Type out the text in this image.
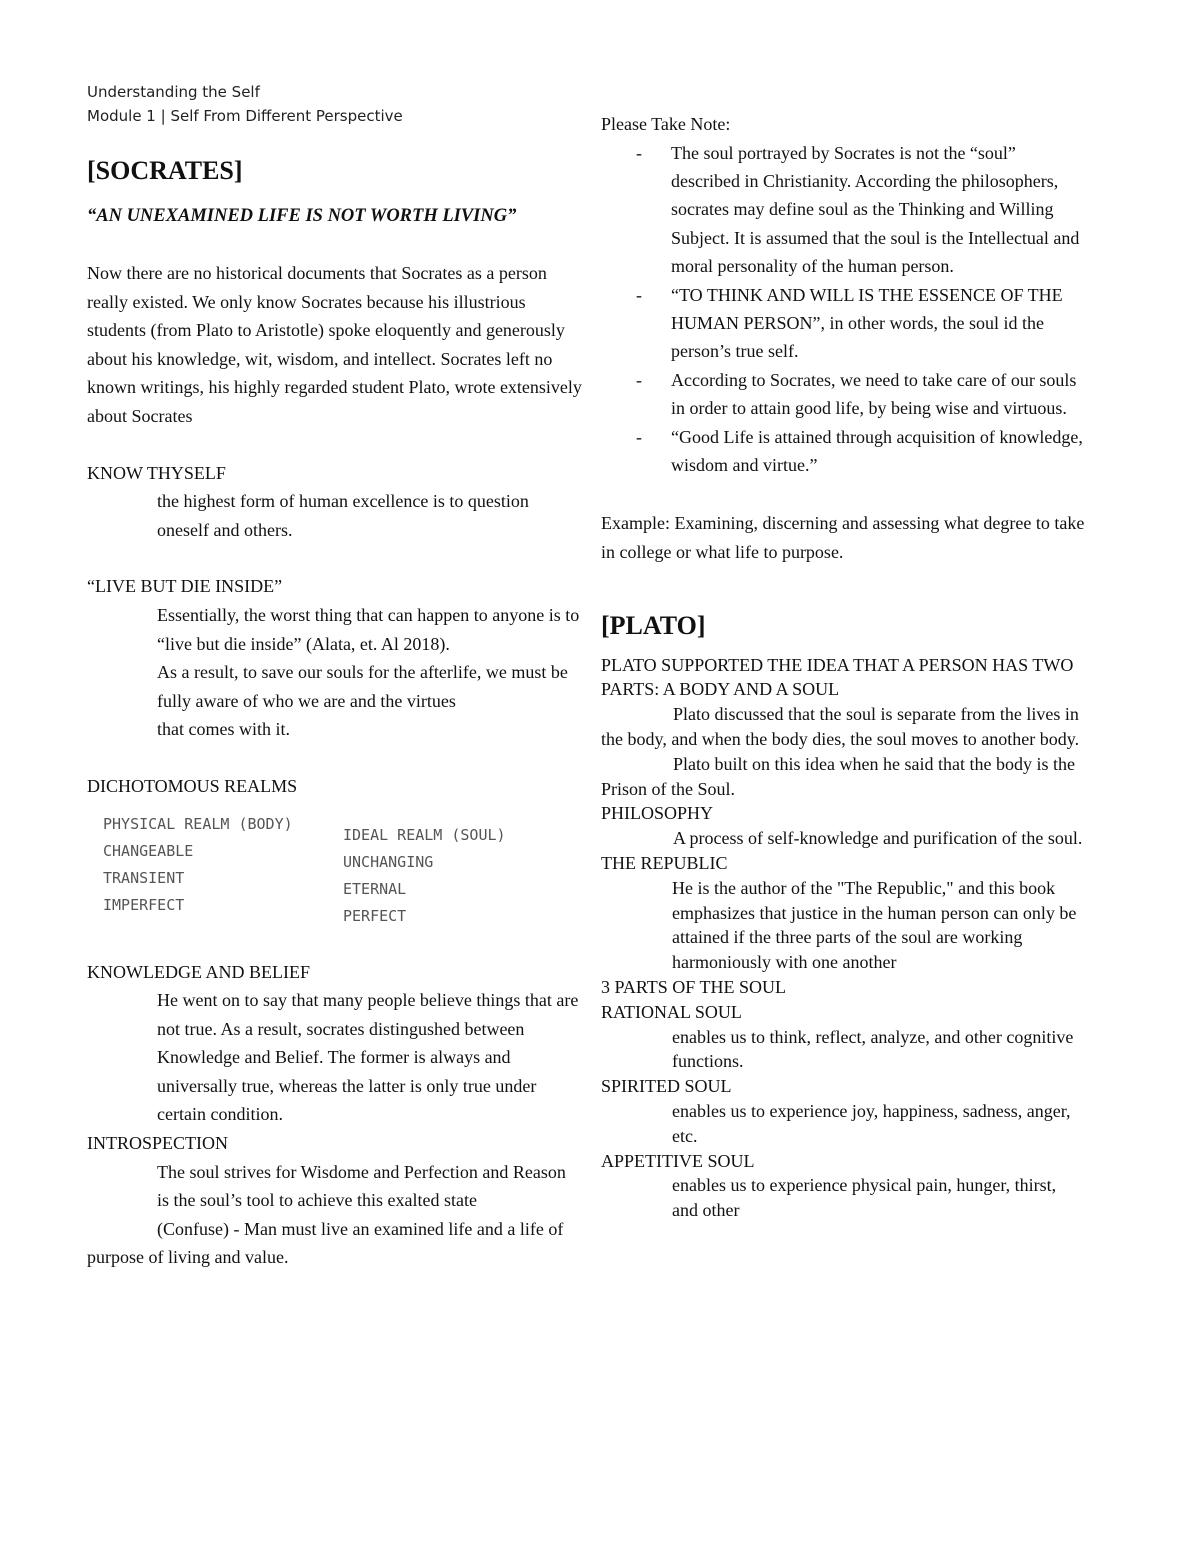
Understanding the Self
Module 1 | Self From Different Perspective
[SOCRATES]
“AN UNEXAMINED LIFE IS NOT WORTH LIVING”

Now there are no historical documents that Socrates as a person really existed. We only know Socrates because his illustrious students (from Plato to Aristotle) spoke eloquently and generously about his knowledge, wit, wisdom, and intellect. Socrates left no known writings, his highly regarded student Plato, wrote extensively about Socrates

KNOW THYSELF

the highest form of human excellence is to question oneself and others.

“LIVE BUT DIE INSIDE”

Essentially, the worst thing that can happen to anyone is to “live but die inside” (Alata, et. Al 2018).

As a result, to save our souls for the afterlife, we must be fully aware of who we are and the virtues

that comes with it.

DICHOTOMOUS REALMS

PHYSICAL REALM (BODY)
CHANGEABLE
TRANSIENT
IMPERFECT
IDEAL REALM (SOUL)
UNCHANGING
ETERNAL
PERFECT

KNOWLEDGE AND BELIEF

He went on to say that many people believe things that are not true. As a result, socrates distingushed between Knowledge and Belief. The former is always and universally true, whereas the latter is only true under certain condition.

INTROSPECTION

The soul strives for Wisdome and Perfection and Reason is the soul’s tool to achieve this exalted state

(Confuse) - Man must live an examined life and a life of purpose of living and value.

Please Take Note:

- The soul portrayed by Socrates is not the “soul” described in Christianity. According the philosophers, socrates may define soul as the Thinking and Willing Subject. It is assumed that the soul is the Intellectual and moral personality of the human person.
- “TO THINK AND WILL IS THE ESSENCE OF THE HUMAN PERSON”, in other words, the soul id the person’s true self.
- According to Socrates, we need to take care of our souls in order to attain good life, by being wise and virtuous.
- “Good Life is attained through acquisition of knowledge, wisdom and virtue.”

Example: Examining, discerning and assessing what degree to take in college or what life to purpose.

[PLATO]

PLATO SUPPORTED THE IDEA THAT A PERSON HAS TWO PARTS: A BODY AND A SOUL

Plato discussed that the soul is separate from the lives in the body, and when the body dies, the soul moves to another body.

Plato built on this idea when he said that the body is the Prison of the Soul.

PHILOSOPHY

A process of self-knowledge and purification of the soul.

THE REPUBLIC

He is the author of the "The Republic," and this book emphasizes that justice in the human person can only be attained if the three parts of the soul are working harmoniously with one another

3 PARTS OF THE SOUL

RATIONAL SOUL

enables us to think, reflect, analyze, and other cognitive functions.

SPIRITED SOUL

enables us to experience joy, happiness, sadness, anger, etc.

APPETITIVE SOUL

enables us to experience physical pain, hunger, thirst, and other
